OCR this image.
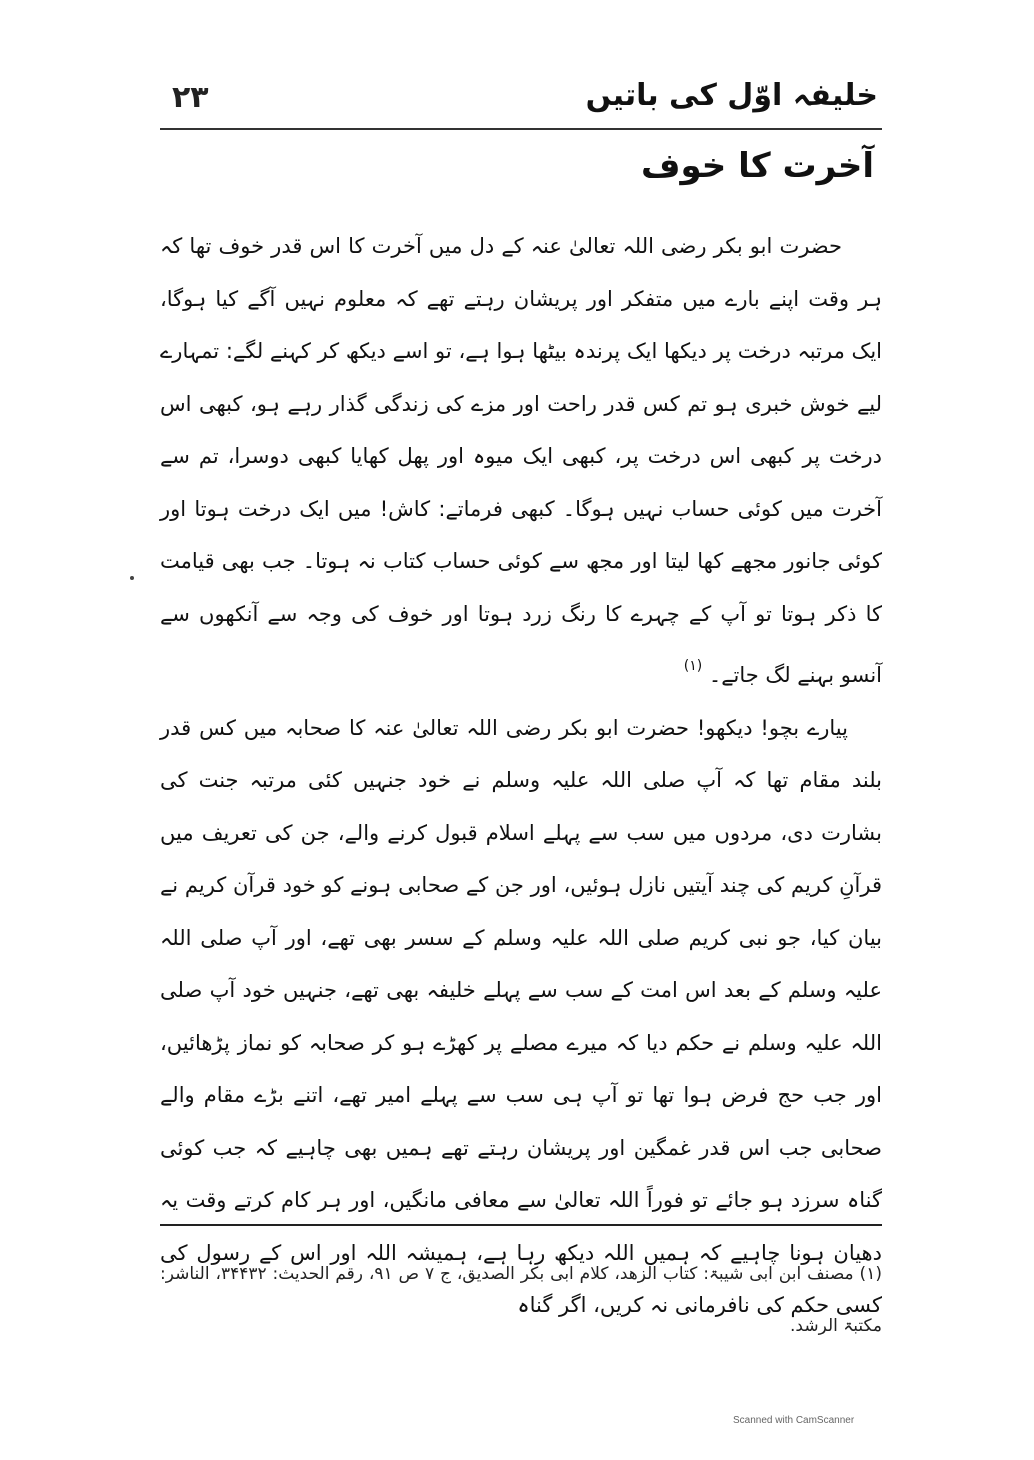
۲۳	خلیفہ اوّل کی باتیں
آخرت کا خوف

حضرت ابو بکر رضی اللہ تعالیٰ عنہ کے دل میں آخرت کا اس قدر خوف تھا کہ ہر وقت اپنے بارے میں متفکر اور پریشان رہتے تھے کہ معلوم نہیں آگے کیا ہوگا، ایک مرتبہ درخت پر دیکھا ایک پرندہ بیٹھا ہوا ہے، تو اسے دیکھ کر کہنے لگے: تمہارے لیے خوش خبری ہو تم کس قدر راحت اور مزے کی زندگی گذار رہے ہو، کبھی اس درخت پر کبھی اس درخت پر، کبھی ایک میوہ اور پھل کھایا کبھی دوسرا، تم سے آخرت میں کوئی حساب نہیں ہوگا۔ کبھی فرماتے: کاش! میں ایک درخت ہوتا اور کوئی جانور مجھے کھا لیتا اور مجھ سے کوئی حساب کتاب نہ ہوتا۔ جب بھی قیامت کا ذکر ہوتا تو آپ کے چہرے کا رنگ زرد ہوتا اور خوف کی وجہ سے آنکھوں سے آنسو بہنے لگ جاتے۔ $^{(۱)}$

پیارے بچو! دیکھو! حضرت ابو بکر رضی اللہ تعالیٰ عنہ کا صحابہ میں کس قدر بلند مقام تھا کہ آپ صلی اللہ علیہ وسلم نے خود جنہیں کئی مرتبہ جنت کی بشارت دی، مردوں میں سب سے پہلے اسلام قبول کرنے والے، جن کی تعریف میں قرآنِ کریم کی چند آیتیں نازل ہوئیں، اور جن کے صحابی ہونے کو خود قرآن کریم نے بیان کیا، جو نبی کریم صلی اللہ علیہ وسلم کے سسر بھی تھے، اور آپ صلی اللہ علیہ وسلم کے بعد اس امت کے سب سے پہلے خلیفہ بھی تھے، جنہیں خود آپ صلی اللہ علیہ وسلم نے حکم دیا کہ میرے مصلے پر کھڑے ہو کر صحابہ کو نماز پڑھائیں، اور جب حج فرض ہوا تھا تو آپ ہی سب سے پہلے امیر تھے، اتنے بڑے مقام والے صحابی جب اس قدر غمگین اور پریشان رہتے تھے ہمیں بھی چاہیے کہ جب کوئی گناہ سرزد ہو جائے تو فوراً اللہ تعالیٰ سے معافی مانگیں، اور ہر کام کرتے وقت یہ دھیان ہونا چاہیے کہ ہمیں اللہ دیکھ رہا ہے، ہمیشہ اللہ اور اس کے رسول کی کسی حکم کی نافرمانی نہ کریں، اگر گناہ

(۱) مصنف ابن ابی شیبۃ: کتاب الزھد، کلام ابی بکر الصدیق، ج ۷ ص ۹۱، رقم الحدیث: ۳۴۴۳۲، الناشر: مکتبۃ الرشد.
Scanned with CamScanner
